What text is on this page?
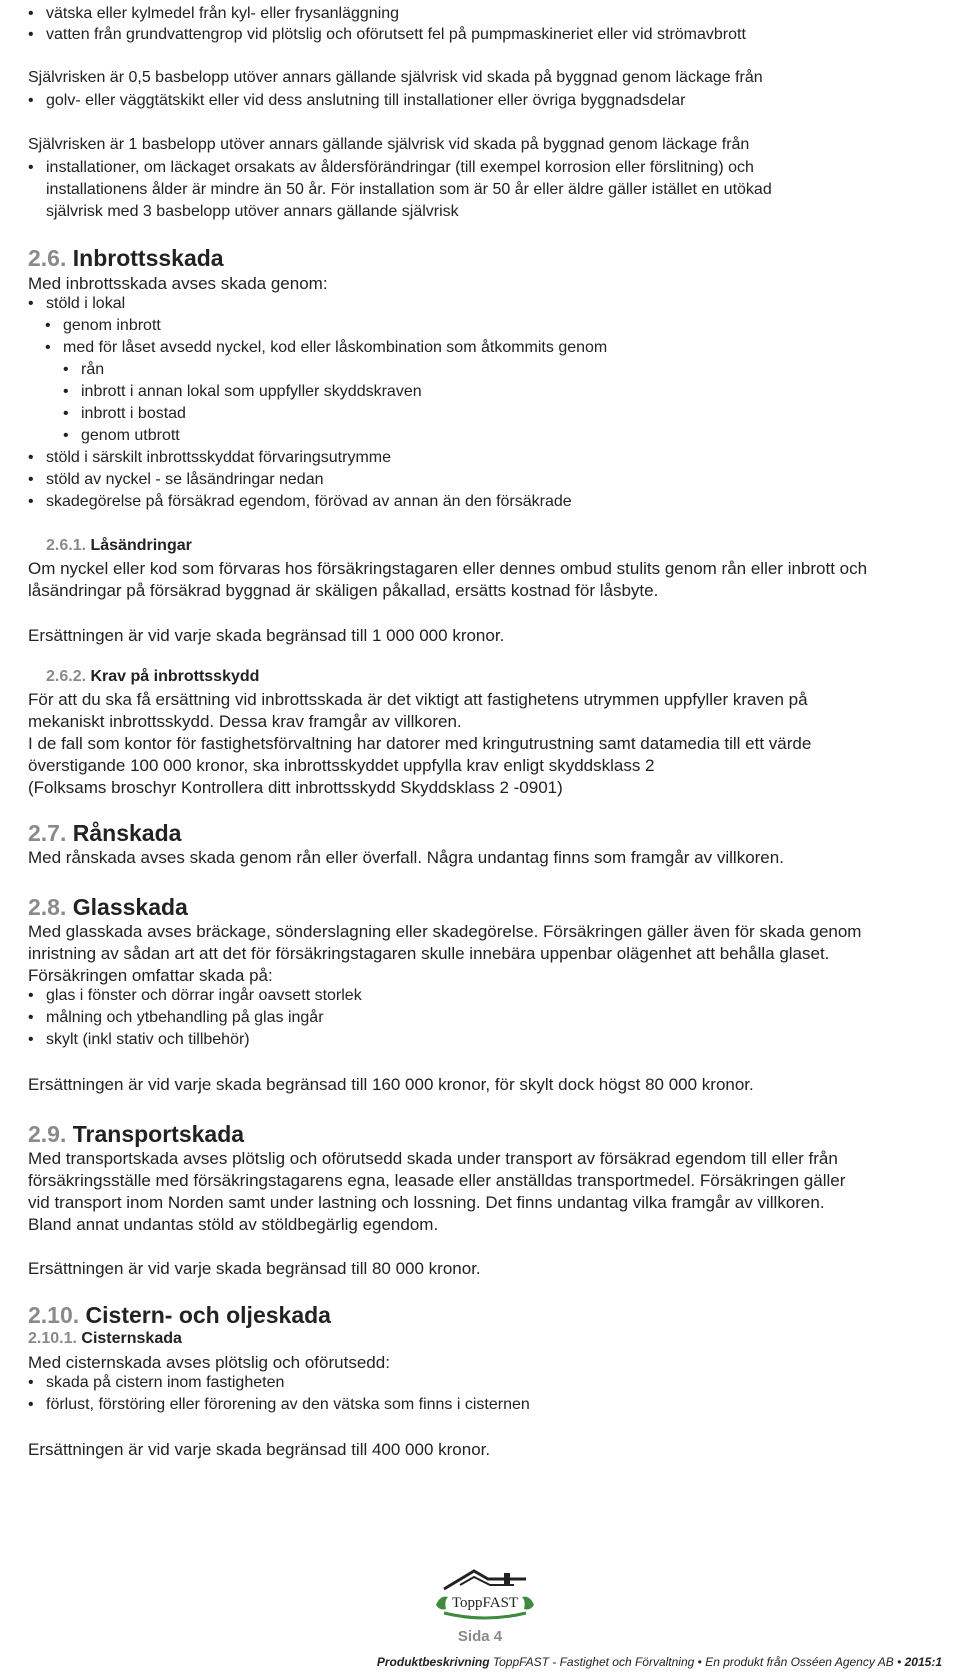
• vätska eller kylmedel från kyl- eller frysanläggning
• vatten från grundvattengrop vid plötslig och oförutsett fel på pumpmaskineriet eller vid strömavbrott
Självrisken är 0,5 basbelopp utöver annars gällande självrisk vid skada på byggnad genom läckage från
• golv- eller väggtätskikt eller vid dess anslutning till installationer eller övriga byggnadsdelar
Självrisken är 1 basbelopp utöver annars gällande självrisk vid skada på byggnad genom läckage från
• installationer, om läckaget orsakats av åldersförändringar (till exempel korrosion eller förslitning) och
installationens ålder är mindre än 50 år. För installation som är 50 år eller äldre gäller istället en utökad
självrisk med 3 basbelopp utöver annars gällande självrisk
2.6. Inbrottsskada
Med inbrottsskada avses skada genom:
• stöld i lokal
• genom inbrott
• med för låset avsedd nyckel, kod eller låskombination som åtkommits genom
• rån
• inbrott i annan lokal som uppfyller skyddskraven
• inbrott i bostad
• genom utbrott
• stöld i särskilt inbrottsskyddat förvaringsutrymme
• stöld av nyckel - se låsändringar nedan
• skadegörelse på försäkrad egendom, förövad av annan än den försäkrade
2.6.1. Låsändringar
Om nyckel eller kod som förvaras hos försäkringstagaren eller dennes ombud stulits genom rån eller inbrott och
låsändringar på försäkrad byggnad är skäligen påkallad, ersätts kostnad för låsbyte.
Ersättningen är vid varje skada begränsad till 1 000 000 kronor.
2.6.2. Krav på inbrottsskydd
För att du ska få ersättning vid inbrottsskada är det viktigt att fastighetens utrymmen uppfyller kraven på
mekaniskt inbrottsskydd. Dessa krav framgår av villkoren.
I de fall som kontor för fastighetsförvaltning har datorer med kringutrustning samt datamedia till ett värde
överstigande 100 000 kronor, ska inbrottsskyddet uppfylla krav enligt skyddsklass 2
(Folksams broschyr Kontrollera ditt inbrottsskydd Skyddsklass 2 -0901)
2.7. Rånskada
Med rånskada avses skada genom rån eller överfall. Några undantag finns som framgår av villkoren.
2.8. Glasskada
Med glasskada avses bräckage, sönderslagning eller skadegörelse. Försäkringen gäller även för skada genom
inristning av sådan art att det för försäkringstagaren skulle innebära uppenbar olägenhet att behålla glaset.
Försäkringen omfattar skada på:
• glas i fönster och dörrar ingår oavsett storlek
• målning och ytbehandling på glas ingår
• skylt (inkl stativ och tillbehör)
Ersättningen är vid varje skada begränsad till 160 000 kronor, för skylt dock högst 80 000 kronor.
2.9. Transportskada
Med transportskada avses plötslig och oförutsedd skada under transport av försäkrad egendom till eller från
försäkringsställe med försäkringstagarens egna, leasade eller anställdas transportmedel. Försäkringen gäller
vid transport inom Norden samt under lastning och lossning. Det finns undantag vilka framgår av villkoren.
Bland annat undantas stöld av stöldbegärlig egendom.
Ersättningen är vid varje skada begränsad till 80 000 kronor.
2.10. Cistern- och oljeskada
2.10.1. Cisternskada
Med cisternskada avses plötslig och oförutsedd:
• skada på cistern inom fastigheten
• förlust, förstöring eller förorening av den vätska som finns i cisternen
Ersättningen är vid varje skada begränsad till 400 000 kronor.
ToppFAST
Sida 4
Produktbeskrivning ToppFAST - Fastighet och Förvaltning • En produkt från Osséen Agency AB • 2015:1
